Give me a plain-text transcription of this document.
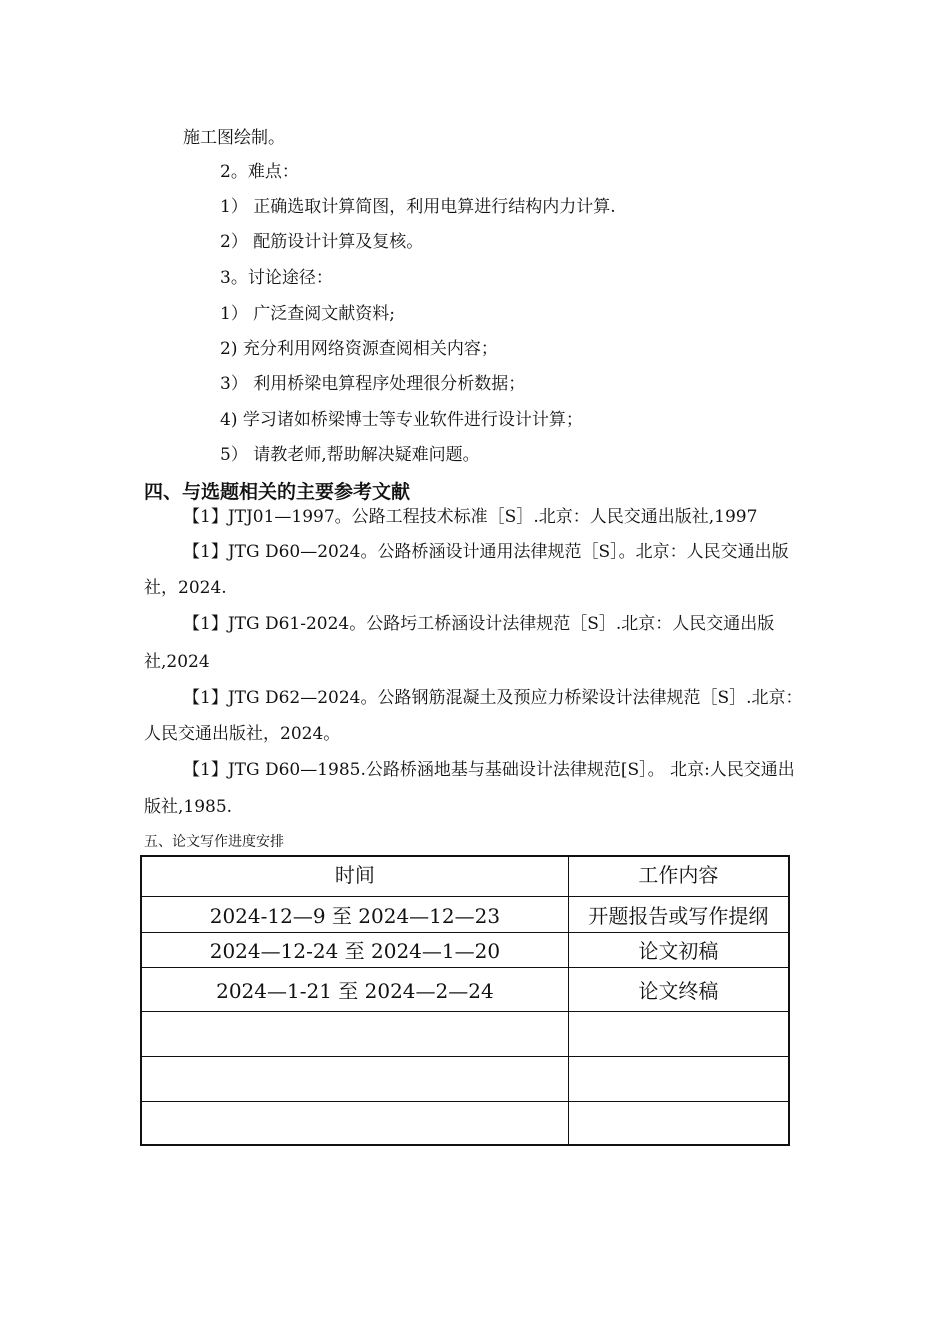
施工图绘制。
2。难点：
1） 正确选取计算简图，利用电算进行结构内力计算.
2） 配筋设计计算及复核。
3。讨论途径：
1） 广泛查阅文献资料;
2) 充分利用网络资源查阅相关内容；
3） 利用桥梁电算程序处理很分析数据；
4) 学习诸如桥梁博士等专业软件进行设计计算；
5） 请教老师,帮助解决疑难问题。
四、与选题相关的主要参考文献
【1】JTJ01—1997。公路工程技术标准［S］.北京：人民交通出版社,1997
【1】JTG D60—2024。公路桥涵设计通用法律规范［S］。北京：人民交通出版
社，2024.
【1】JTG D61-2024。公路圬工桥涵设计法律规范［S］.北京：人民交通出版
社,2024
【1】JTG D62—2024。公路钢筋混凝土及预应力桥梁设计法律规范［S］.北京：
人民交通出版社，2024。
【1】JTG D60—1985.公路桥涵地基与基础设计法律规范[S］。 北京:人民交通出
版社,1985.
五、论文写作进度安排
时间	工作内容
2024-12—9 至 2024—12—23	开题报告或写作提纲
2024—12-24 至 2024—1—20	论文初稿
2024—1-21 至 2024—2—24	论文终稿
